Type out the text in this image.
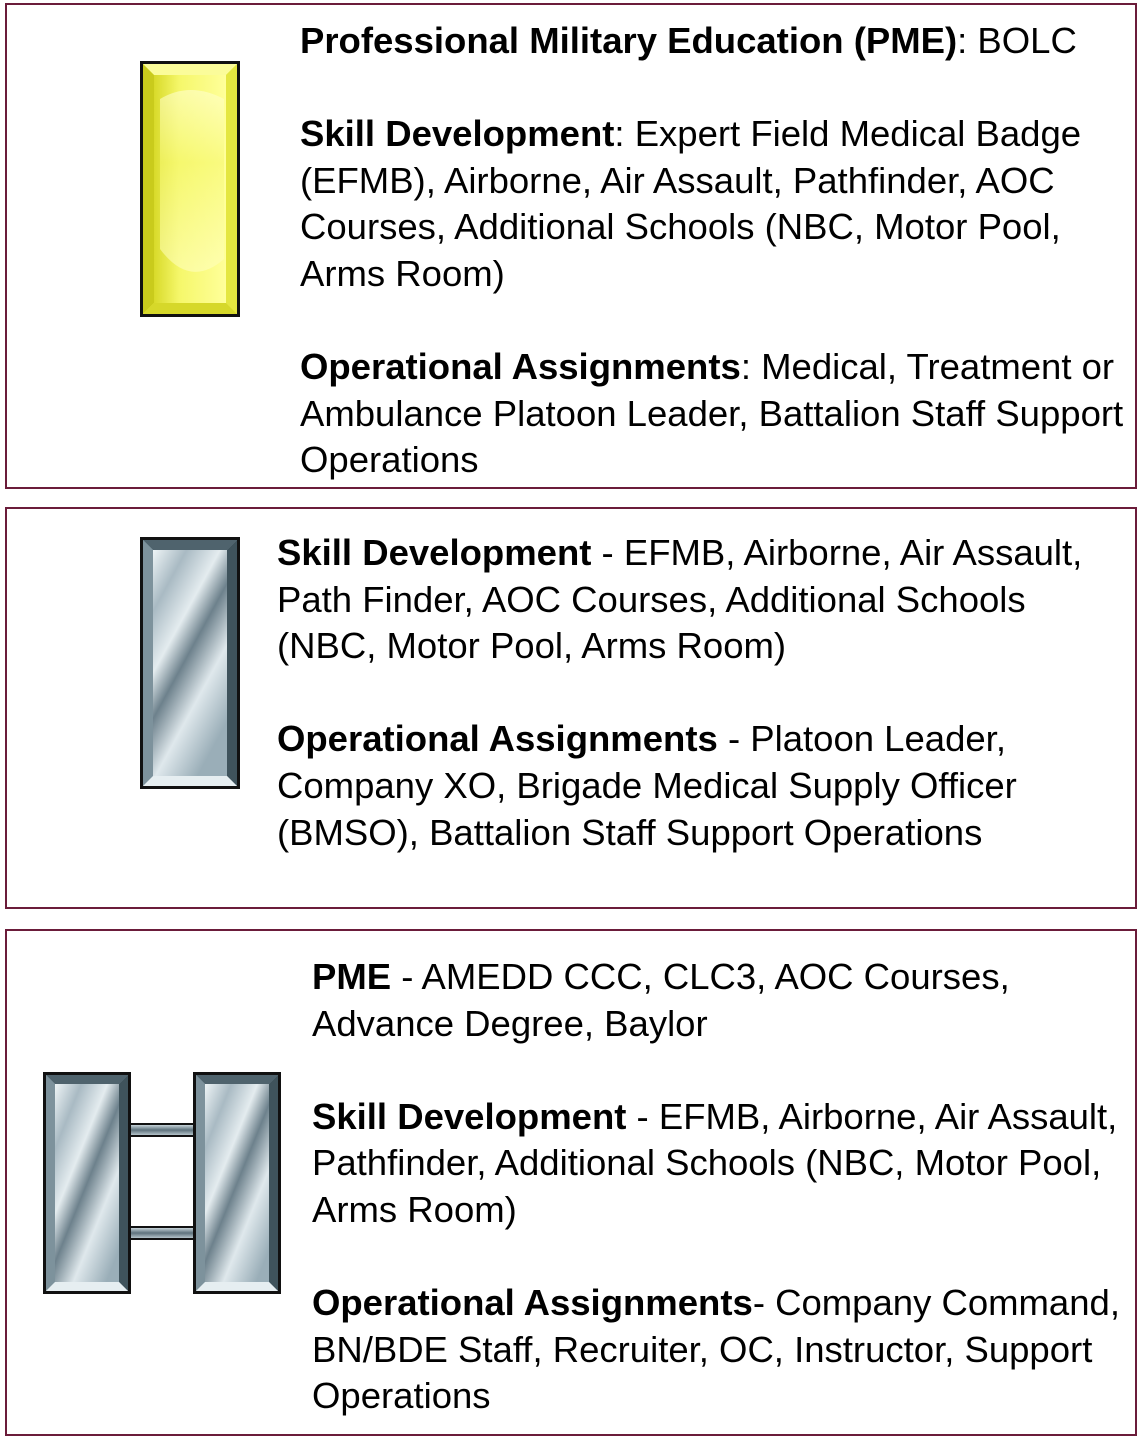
Professional Military Education (PME): BOLC

Skill Development: Expert Field Medical Badge (EFMB), Airborne, Air Assault, Pathfinder, AOC Courses, Additional Schools (NBC, Motor Pool, Arms Room)

Operational Assignments: Medical, Treatment or Ambulance Platoon Leader, Battalion Staff Support Operations

Skill Development - EFMB, Airborne, Air Assault, Path Finder, AOC Courses, Additional Schools (NBC, Motor Pool, Arms Room)

Operational Assignments - Platoon Leader, Company XO, Brigade Medical Supply Officer (BMSO), Battalion Staff Support Operations

PME - AMEDD CCC, CLC3, AOC Courses, Advance Degree, Baylor

Skill Development - EFMB, Airborne, Air Assault, Pathfinder, Additional Schools (NBC, Motor Pool, Arms Room)

Operational Assignments- Company Command, BN/BDE Staff, Recruiter, OC, Instructor, Support Operations
